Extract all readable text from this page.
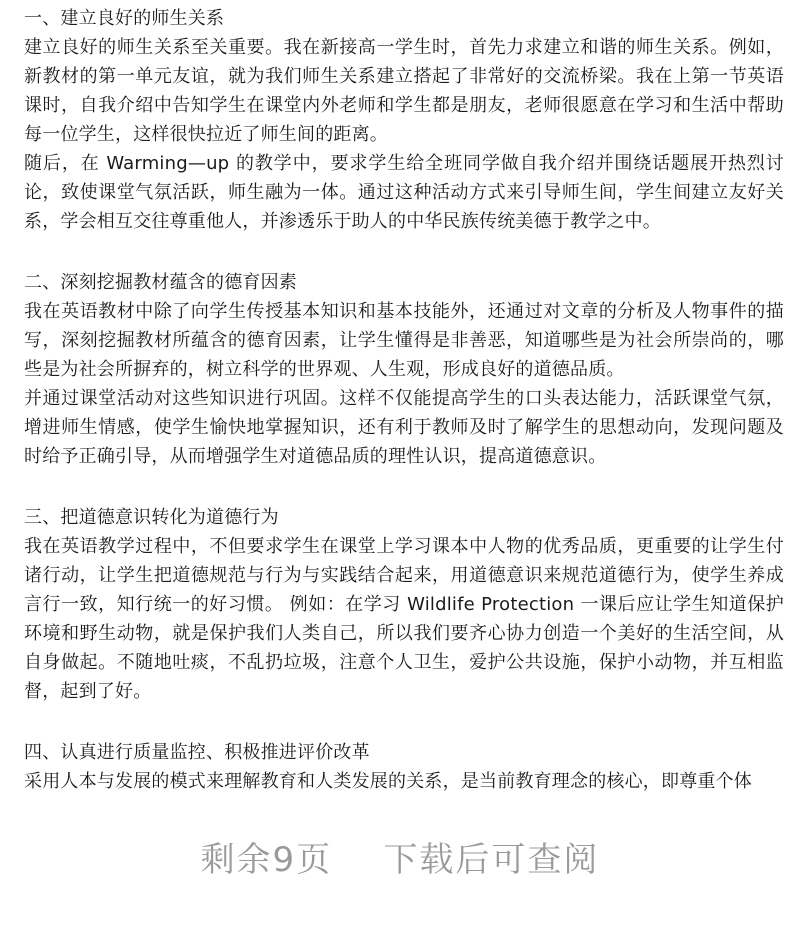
一、建立良好的师生关系

建立良好的师生关系至关重要。我在新接高一学生时，首先力求建立和谐的师生关系。例如，新教材的第一单元友谊，就为我们师生关系建立搭起了非常好的交流桥梁。我在上第一节英语课时，自我介绍中告知学生在课堂内外老师和学生都是朋友，老师很愿意在学习和生活中帮助每一位学生，这样很快拉近了师生间的距离。

随后，在 Warming—up 的教学中，要求学生给全班同学做自我介绍并围绕话题展开热烈讨论，致使课堂气氛活跃，师生融为一体。通过这种活动方式来引导师生间，学生间建立友好关系，学会相互交往尊重他人，并渗透乐于助人的中华民族传统美德于教学之中。

二、深刻挖掘教材蕴含的德育因素

我在英语教材中除了向学生传授基本知识和基本技能外，还通过对文章的分析及人物事件的描写，深刻挖掘教材所蕴含的德育因素，让学生懂得是非善恶，知道哪些是为社会所崇尚的，哪些是为社会所摒弃的，树立科学的世界观、人生观，形成良好的道德品质。

并通过课堂活动对这些知识进行巩固。这样不仅能提高学生的口头表达能力，活跃课堂气氛，增进师生情感，使学生愉快地掌握知识，还有利于教师及时了解学生的思想动向，发现问题及时给予正确引导，从而增强学生对道德品质的理性认识，提高道德意识。

三、把道德意识转化为道德行为

我在英语教学过程中，不但要求学生在课堂上学习课本中人物的优秀品质，更重要的让学生付诸行动，让学生把道德规范与行为与实践结合起来，用道德意识来规范道德行为，使学生养成言行一致，知行统一的好习惯。 例如：在学习 Wildlife Protection 一课后应让学生知道保护环境和野生动物，就是保护我们人类自己，所以我们要齐心协力创造一个美好的生活空间，从自身做起。不随地吐痰，不乱扔垃圾，注意个人卫生，爱护公共设施，保护小动物，并互相监督，起到了好。

四、认真进行质量监控、积极推进评价改革

采用人本与发展的模式来理解教育和人类发展的关系，是当前教育理念的核心，即尊重个体

剩余9页 下载后可查阅
